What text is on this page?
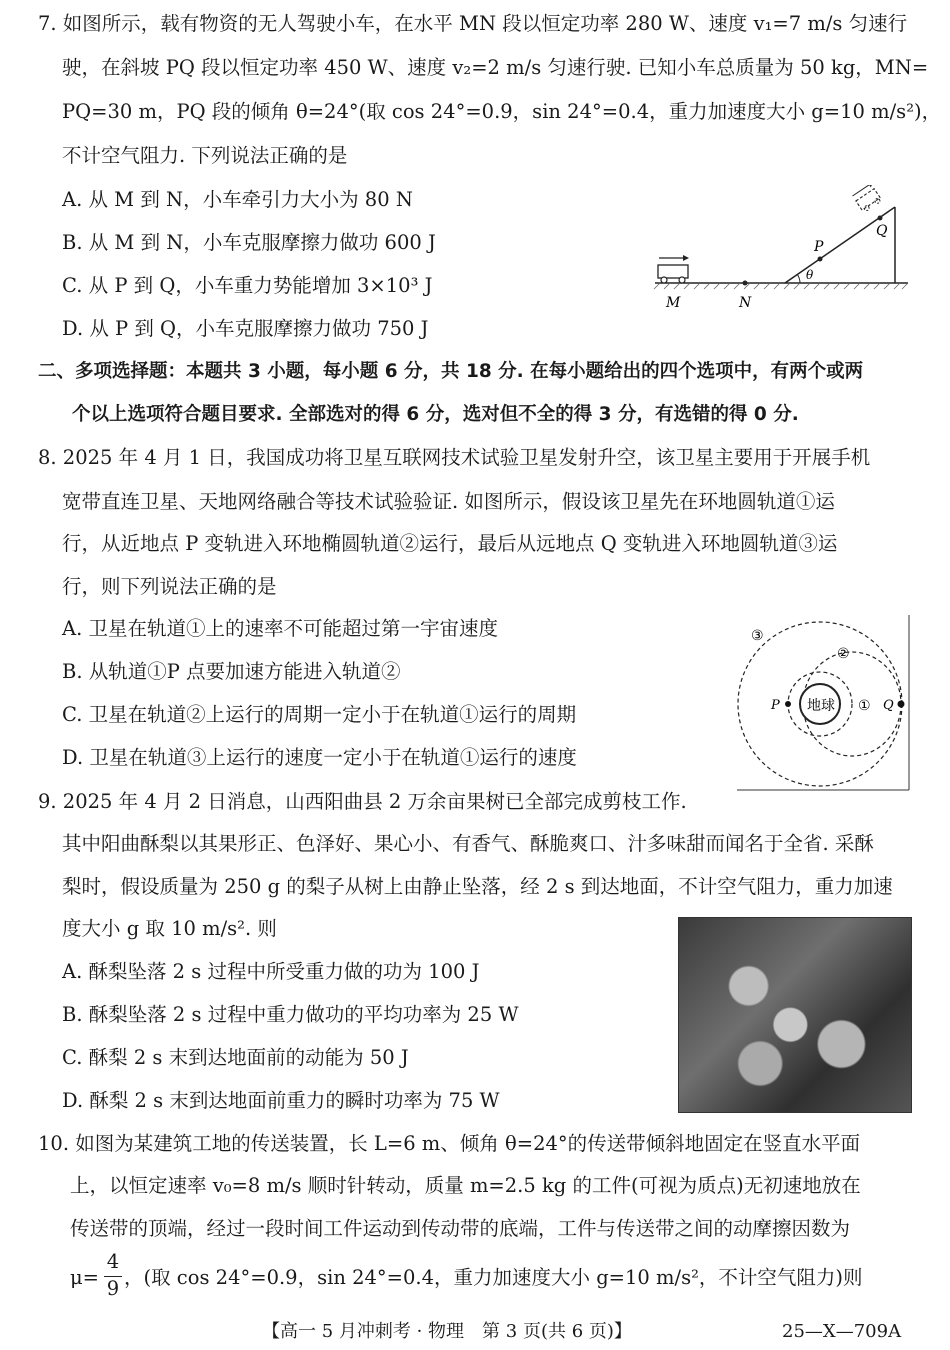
7. 如图所示，载有物资的无人驾驶小车，在水平 MN 段以恒定功率 280 W、速度 v₁=7 m/s 匀速行
驶，在斜坡 PQ 段以恒定功率 450 W、速度 v₂=2 m/s 匀速行驶. 已知小车总质量为 50 kg，MN=
PQ=30 m，PQ 段的倾角 θ=24°(取 cos 24°=0.9，sin 24°=0.4，重力加速度大小 g=10 m/s²)，
不计空气阻力. 下列说法正确的是
A. 从 M 到 N，小车牵引力大小为 80 N
B. 从 M 到 N，小车克服摩擦力做功 600 J
C. 从 P 到 Q，小车重力势能增加 3×10³ J
D. 从 P 到 Q，小车克服摩擦力做功 750 J
M	N
P
Q
θ
二、多项选择题：本题共 3 小题，每小题 6 分，共 18 分. 在每小题给出的四个选项中，有两个或两
个以上选项符合题目要求. 全部选对的得 6 分，选对但不全的得 3 分，有选错的得 0 分.
8. 2025 年 4 月 1 日，我国成功将卫星互联网技术试验卫星发射升空，该卫星主要用于开展手机
宽带直连卫星、天地网络融合等技术试验验证. 如图所示，假设该卫星先在环地圆轨道①运
行，从近地点 P 变轨进入环地椭圆轨道②运行，最后从远地点 Q 变轨进入环地圆轨道③运
行，则下列说法正确的是
A. 卫星在轨道①上的速率不可能超过第一宇宙速度
B. 从轨道①P 点要加速方能进入轨道②
C. 卫星在轨道②上运行的周期一定小于在轨道①运行的周期
D. 卫星在轨道③上运行的速度一定小于在轨道①运行的速度
地球 ①
②
③
P	Q
9. 2025 年 4 月 2 日消息，山西阳曲县 2 万余亩果树已全部完成剪枝工作.
其中阳曲酥梨以其果形正、色泽好、果心小、有香气、酥脆爽口、汁多味甜而闻名于全省. 采酥
梨时，假设质量为 250 g 的梨子从树上由静止坠落，经 2 s 到达地面，不计空气阻力，重力加速
度大小 g 取 10 m/s². 则
A. 酥梨坠落 2 s 过程中所受重力做的功为 100 J
B. 酥梨坠落 2 s 过程中重力做功的平均功率为 25 W
C. 酥梨 2 s 末到达地面前的动能为 50 J
D. 酥梨 2 s 末到达地面前重力的瞬时功率为 75 W
10. 如图为某建筑工地的传送装置，长 L=6 m、倾角 θ=24°的传送带倾斜地固定在竖直水平面
上，以恒定速率 v₀=8 m/s 顺时针转动，质量 m=2.5 kg 的工件(可视为质点)无初速地放在
传送带的顶端，经过一段时间工件运动到传动带的底端，工件与传送带之间的动摩擦因数为
μ=
4
9 ，(取 cos 24°=0.9，sin 24°=0.4，重力加速度大小 g=10 m/s²，不计空气阻力)则
【高一 5 月冲刺考 · 物理　第 3 页(共 6 页)】	25—X—709A
